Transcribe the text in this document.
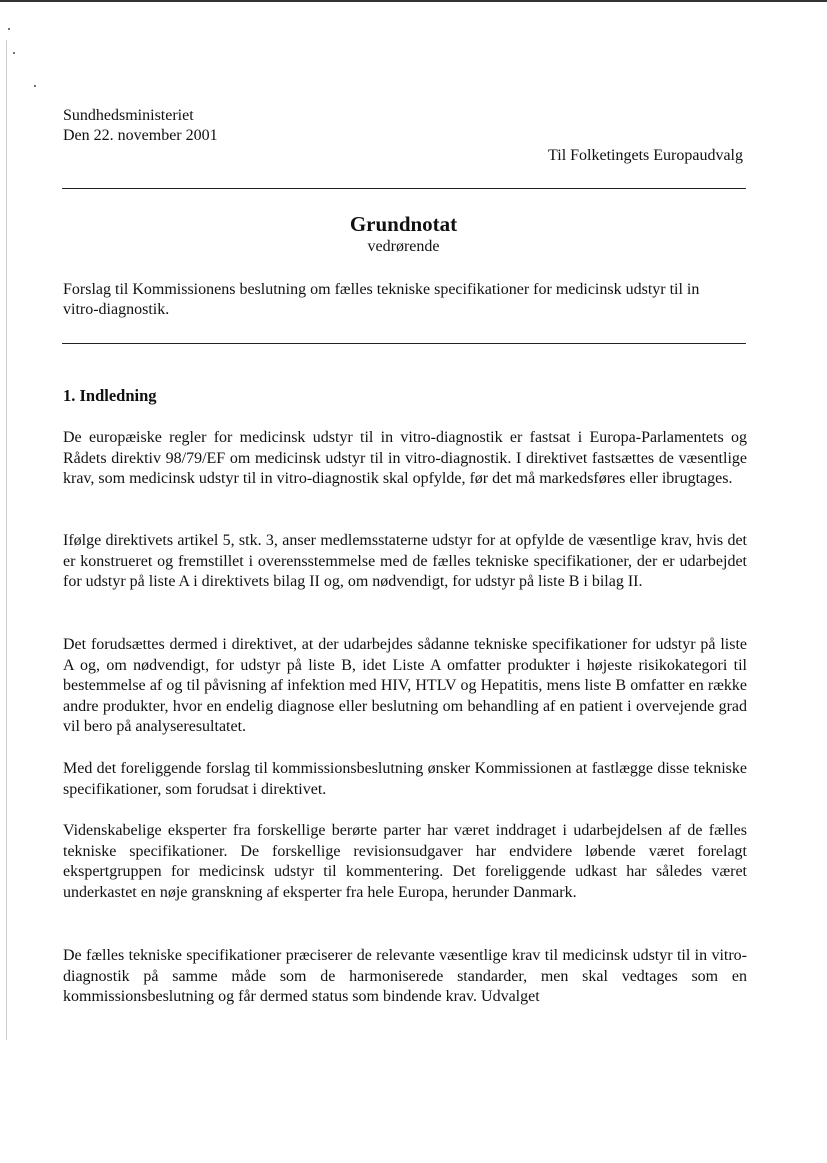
Sundhedsministeriet
Den 22. november 2001
Til Folketingets Europaudvalg
Grundnotat
vedrørende
Forslag til Kommissionens beslutning om fælles tekniske specifikationer for medicinsk udstyr til in vitro-diagnostik.
1. Indledning
De europæiske regler for medicinsk udstyr til in vitro-diagnostik er fastsat i Europa-Parlamentets og Rådets direktiv 98/79/EF om medicinsk udstyr til in vitro-diagnostik. I direktivet fastsættes de væsentlige krav, som medicinsk udstyr til in vitro-diagnostik skal opfylde, før det må markedsføres eller ibrugtages.
Ifølge direktivets artikel 5, stk. 3, anser medlemsstaterne udstyr for at opfylde de væsentlige krav, hvis det er konstrueret og fremstillet i overensstemmelse med de fælles tekniske specifikationer, der er udarbejdet for udstyr på liste A i direktivets bilag II og, om nødvendigt, for udstyr på liste B i bilag II.
Det forudsættes dermed i direktivet, at der udarbejdes sådanne tekniske specifikationer for udstyr på liste A og, om nødvendigt, for udstyr på liste B, idet Liste A omfatter produkter i højeste risikokategori til bestemmelse af og til påvisning af infektion med HIV, HTLV og Hepatitis, mens liste B omfatter en række andre produkter, hvor en endelig diagnose eller beslutning om behandling af en patient i overvejende grad vil bero på analyseresultatet.
Med det foreliggende forslag til kommissionsbeslutning ønsker Kommissionen at fastlægge disse tekniske specifikationer, som forudsat i direktivet.
Videnskabelige eksperter fra forskellige berørte parter har været inddraget i udarbejdelsen af de fælles tekniske specifikationer. De forskellige revisionsudgaver har endvidere løbende været forelagt ekspertgruppen for medicinsk udstyr til kommentering. Det foreliggende udkast har således været underkastet en nøje granskning af eksperter fra hele Europa, herunder Danmark.
De fælles tekniske specifikationer præciserer de relevante væsentlige krav til medicinsk udstyr til in vitro-diagnostik på samme måde som de harmoniserede standarder, men skal vedtages som en kommissionsbeslutning og får dermed status som bindende krav. Udvalget
